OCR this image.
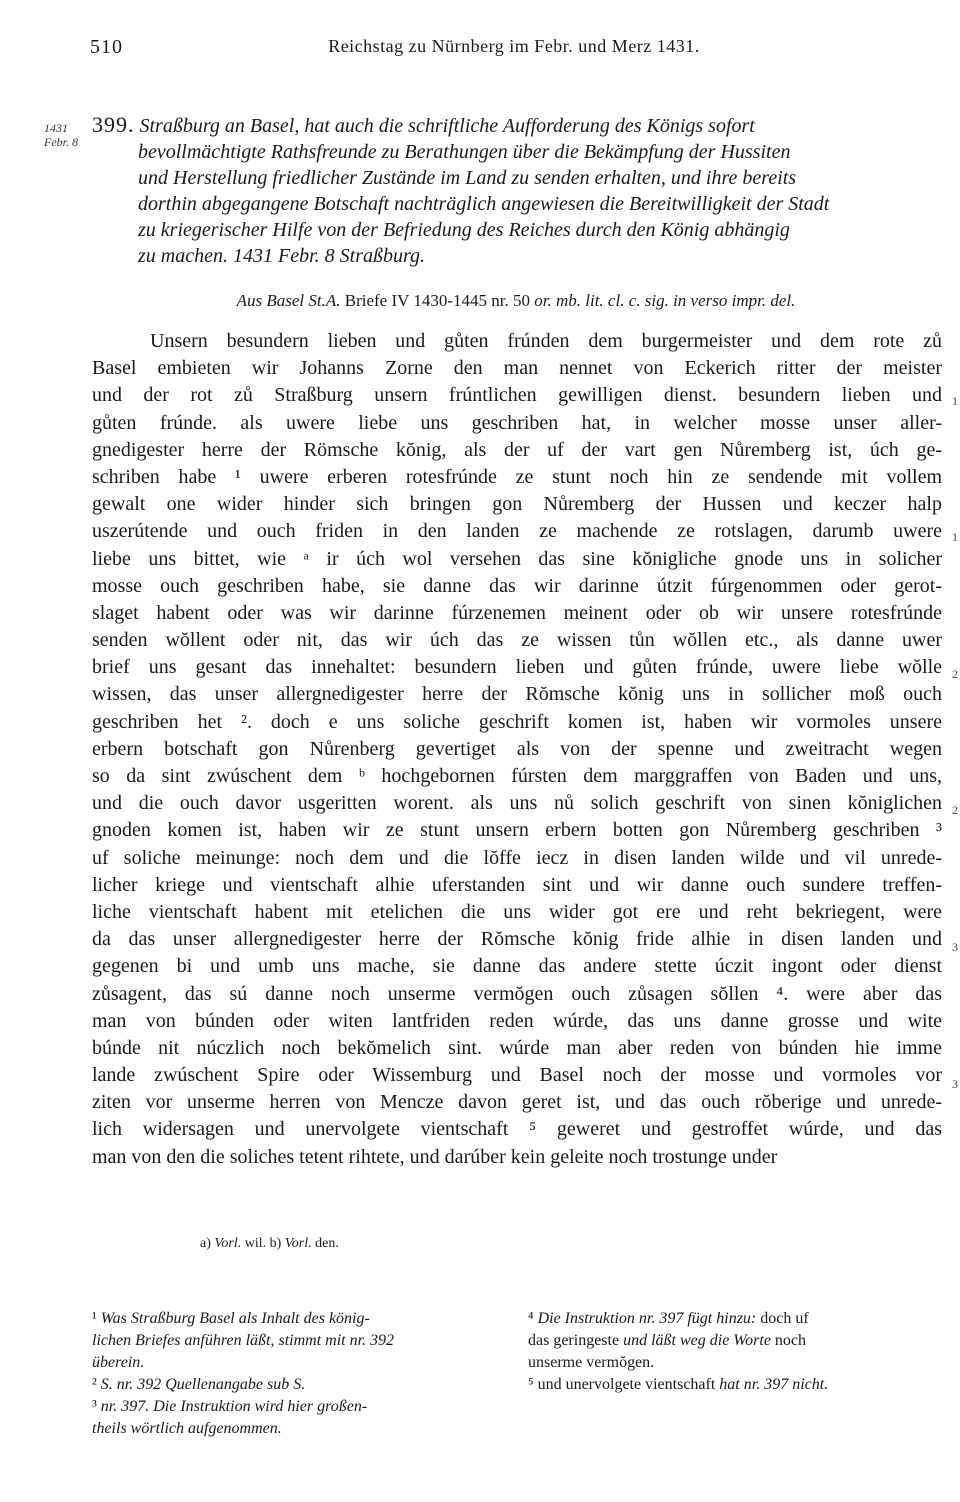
510	Reichstag zu Nürnberg im Febr. und Merz 1431.
1431
Febr. 8
399. Straßburg an Basel, hat auch die schriftliche Aufforderung des Königs sofort
bevollmächtigte Rathsfreunde zu Berathungen über die Bekämpfung der Hussiten
und Herstellung friedlicher Zustände im Land zu senden erhalten, und ihre bereits
dorthin abgegangene Botschaft nachträglich angewiesen die Bereitwilligkeit der Stadt
zu kriegerischer Hilfe von der Befriedung des Reiches durch den König abhängig
zu machen. 1431 Febr. 8 Straßburg.
Aus Basel St.A. Briefe IV 1430-1445 nr. 50 or. mb. lit. cl. c. sig. in verso impr. del.
Unsern besundern lieben und gůten frúnden dem burgermeister und dem rote zů
Basel embieten wir Johanns Zorne den man nennet von Eckerich ritter der meister
und der rot zů Straßburg unsern frúntlichen gewilligen dienst. besundern lieben und
gůten frúnde. als uwere liebe uns geschriben hat, in welcher mosse unser aller-
gnedigester herre der Römsche kŏnig, als der uf der vart gen Nůremberg ist, úch ge-
schriben habe ¹ uwere erberen rotesfrúnde ze stunt noch hin ze sendende mit vollem
gewalt one wider hinder sich bringen gon Nůremberg der Hussen und keczer halp
uszerútende und ouch friden in den landen ze machende ze rotslagen, darumb uwere
liebe uns bittet, wie ᵃ ir úch wol versehen das sine kŏnigliche gnode uns in solicher
mosse ouch geschriben habe, sie danne das wir darinne útzit fúrgenommen oder gerot-
slaget habent oder was wir darinne fúrzenemen meinent oder ob wir unsere rotesfrúnde
senden wŏllent oder nit, das wir úch das ze wissen tůn wŏllen etc., als danne uwer
brief uns gesant das innehaltet: besundern lieben und gůten frúnde, uwere liebe wŏlle
wissen, das unser allergnedigester herre der Rŏmsche kŏnig uns in sollicher moß ouch
geschriben het ². doch e uns soliche geschrift komen ist, haben wir vormoles unsere
erbern botschaft gon Nůrenberg gevertiget als von der spenne und zweitracht wegen
so da sint zwúschent dem ᵇ hochgebornen fúrsten dem marggraffen von Baden und uns,
und die ouch davor usgeritten worent. als uns nů solich geschrift von sinen kŏniglichen
gnoden komen ist, haben wir ze stunt unsern erbern botten gon Nůremberg geschriben ³
uf soliche meinunge: noch dem und die lŏffe iecz in disen landen wilde und vil unrede-
licher kriege und vientschaft alhie uferstanden sint und wir danne ouch sundere treffen-
liche vientschaft habent mit etelichen die uns wider got ere und reht bekriegent, were
da das unser allergnedigester herre der Rŏmsche kŏnig fride alhie in disen landen und
gegenen bi und umb uns mache, sie danne das andere stette úczit ingont oder dienst
zůsagent, das sú danne noch unserme vermŏgen ouch zůsagen sŏllen ⁴. were aber das
man von búnden oder witen lantfriden reden wúrde, das uns danne grosse und wite
búnde nit núczlich noch bekŏmelich sint. wúrde man aber reden von búnden hie imme
lande zwúschent Spire oder Wissemburg und Basel noch der mosse und vormoles vor
ziten vor unserme herren von Mencze davon geret ist, und das ouch rŏberige und unrede-
lich widersagen und unervolgete vientschaft ⁵ geweret und gestroffet wúrde, und das
man von den die soliches tetent rihtete, und darúber kein geleite noch trostunge under
1
1
2
2
3
3
a) Vorl. wil. b) Vorl. den.
¹ Was Straßburg Basel als Inhalt des könig-
lichen Briefes anführen läßt, stimmt mit nr. 392
überein.
² S. nr. 392 Quellenangabe sub S.
³ nr. 397. Die Instruktion wird hier großen-
theils wörtlich aufgenommen.
⁴ Die Instruktion nr. 397 fügt hinzu: doch uf
das geringeste und läßt weg die Worte noch
unserme vermŏgen.
⁵ und unervolgete vientschaft hat nr. 397 nicht.
